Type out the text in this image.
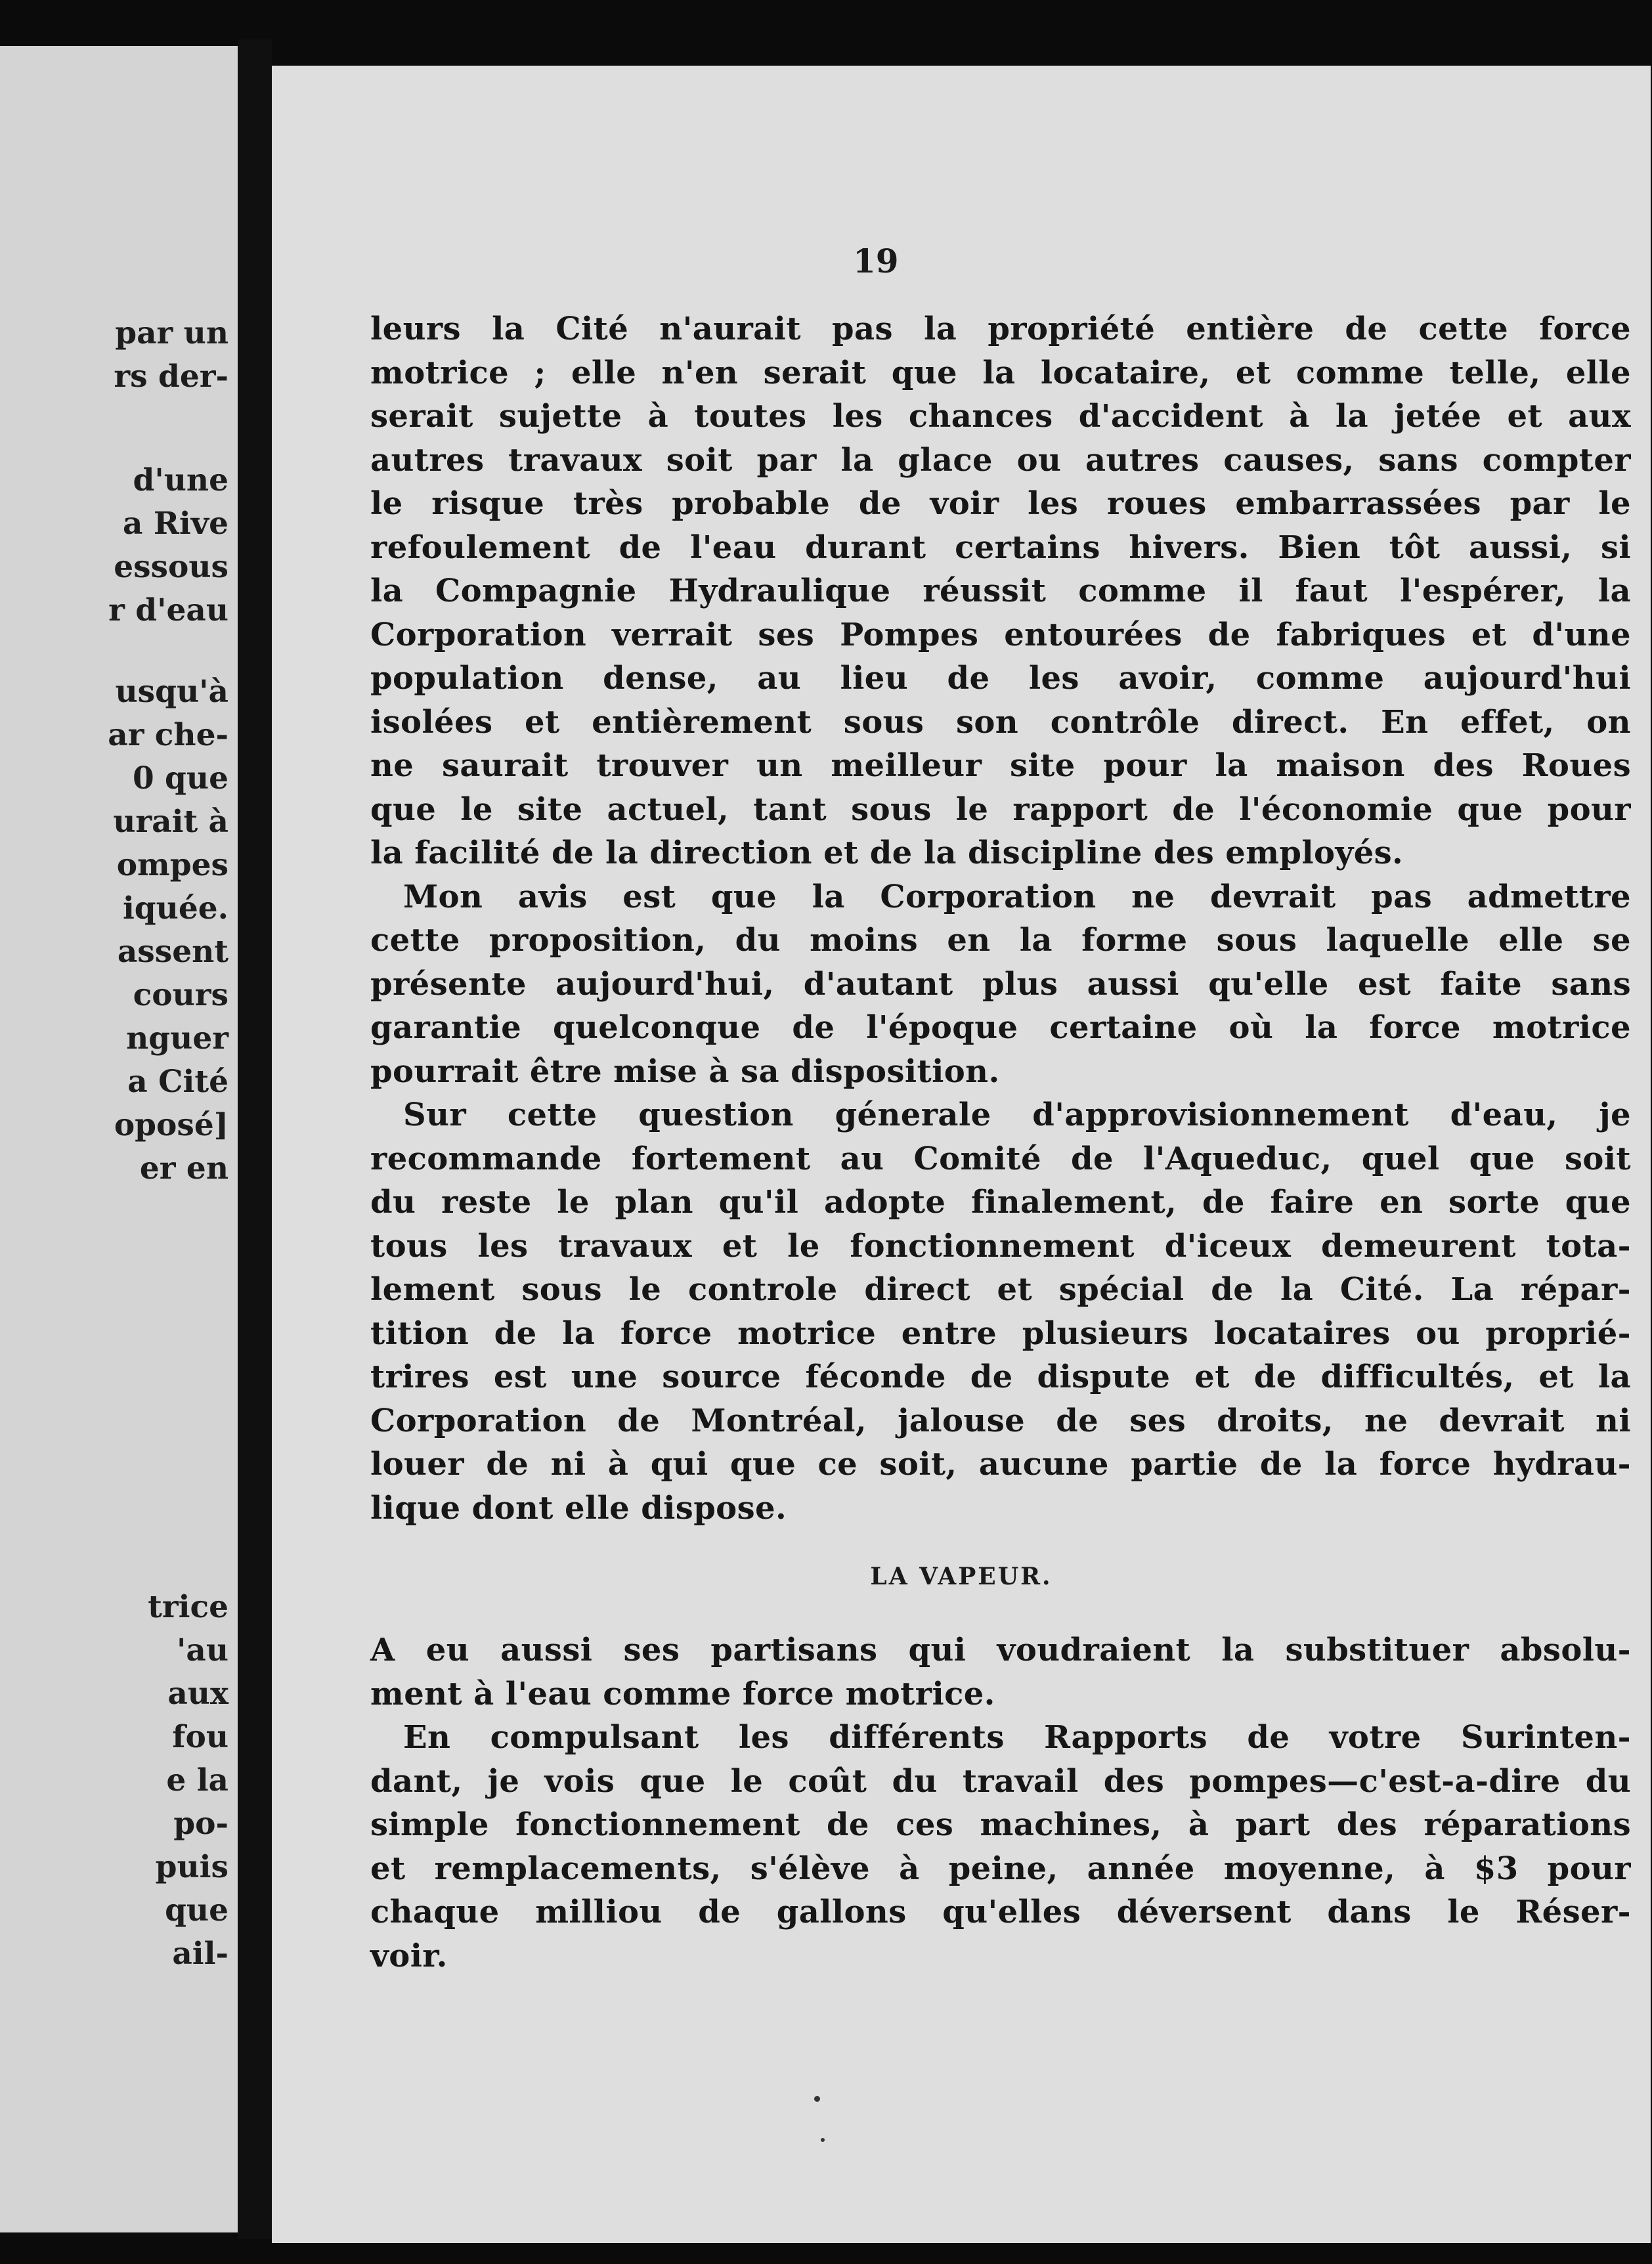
par un
rs der-
d'une
a Rive
essous
r d'eau
usqu'à
ar che-
0 que
urait à
ompes
iquée.
assent
cours
nguer
a Cité
oposé]
er en
trice
'au
aux
fou
e la
po-
puis
que
ail-
19
leurs la Cité n'aurait pas la propriété entière de cette force
motrice ; elle n'en serait que la locataire, et comme telle, elle
serait sujette à toutes les chances d'accident à la jetée et aux
autres travaux soit par la glace ou autres causes, sans compter
le risque très probable de voir les roues embarrassées par le
refoulement de l'eau durant certains hivers. Bien tôt aussi, si
la Compagnie Hydraulique réussit comme il faut l'espérer, la
Corporation verrait ses Pompes entourées de fabriques et d'une
population dense, au lieu de les avoir, comme aujourd'hui
isolées et entièrement sous son contrôle direct. En effet, on
ne saurait trouver un meilleur site pour la maison des Roues
que le site actuel, tant sous le rapport de l'économie que pour
la facilité de la direction et de la discipline des employés.
Mon avis est que la Corporation ne devrait pas admettre
cette proposition, du moins en la forme sous laquelle elle se
présente aujourd'hui, d'autant plus aussi qu'elle est faite sans
garantie quelconque de l'époque certaine où la force motrice
pourrait être mise à sa disposition.
Sur cette question génerale d'approvisionnement d'eau, je
recommande fortement au Comité de l'Aqueduc, quel que soit
du reste le plan qu'il adopte finalement, de faire en sorte que
tous les travaux et le fonctionnement d'iceux demeurent tota-
lement sous le controle direct et spécial de la Cité. La répar-
tition de la force motrice entre plusieurs locataires ou proprié-
trires est une source féconde de dispute et de difficultés, et la
Corporation de Montréal, jalouse de ses droits, ne devrait ni
louer de ni à qui que ce soit, aucune partie de la force hydrau-
lique dont elle dispose.
LA VAPEUR.
A eu aussi ses partisans qui voudraient la substituer absolu-
ment à l'eau comme force motrice.
En compulsant les différents Rapports de votre Surinten-
dant, je vois que le coût du travail des pompes—c'est-a-dire du
simple fonctionnement de ces machines, à part des réparations
et remplacements, s'élève à peine, année moyenne, à $3 pour
chaque milliou de gallons qu'elles déversent dans le Réser-
voir.
